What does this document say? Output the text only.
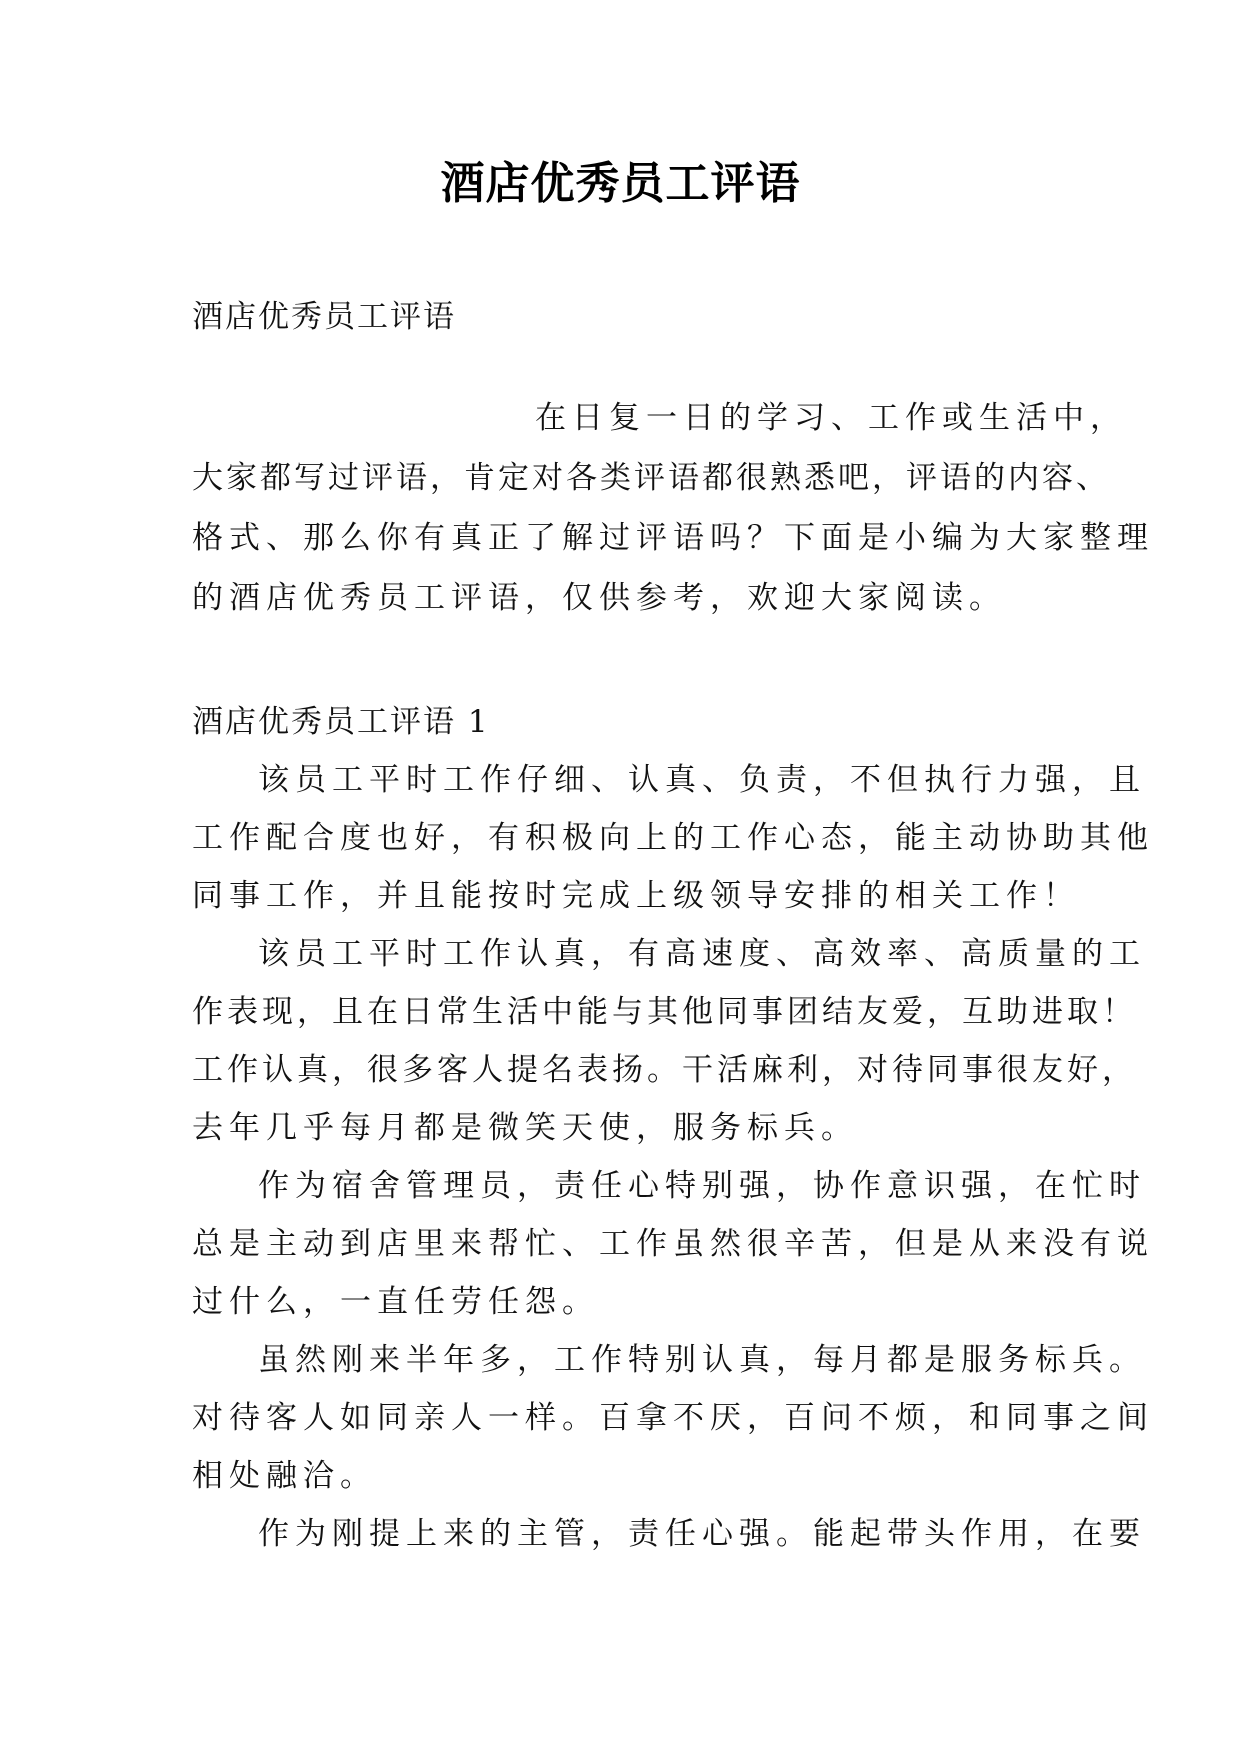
酒店优秀员工评语
酒店优秀员工评语
在日复一日的学习、工作或生活中，
大家都写过评语，肯定对各类评语都很熟悉吧，评语的内容、
格式、那么你有真正了解过评语吗？下面是小编为大家整理
的酒店优秀员工评语，仅供参考，欢迎大家阅读。
酒店优秀员工评语 1
该员工平时工作仔细、认真、负责，不但执行力强，且
工作配合度也好，有积极向上的工作心态，能主动协助其他
同事工作，并且能按时完成上级领导安排的相关工作！
该员工平时工作认真，有高速度、高效率、高质量的工
作表现，且在日常生活中能与其他同事团结友爱，互助进取！
工作认真，很多客人提名表扬。干活麻利，对待同事很友好，
去年几乎每月都是微笑天使，服务标兵。
作为宿舍管理员，责任心特别强，协作意识强，在忙时
总是主动到店里来帮忙、工作虽然很辛苦，但是从来没有说
过什么，一直任劳任怨。
虽然刚来半年多，工作特别认真，每月都是服务标兵。
对待客人如同亲人一样。百拿不厌，百问不烦，和同事之间
相处融洽。
作为刚提上来的主管，责任心强。能起带头作用，在要
